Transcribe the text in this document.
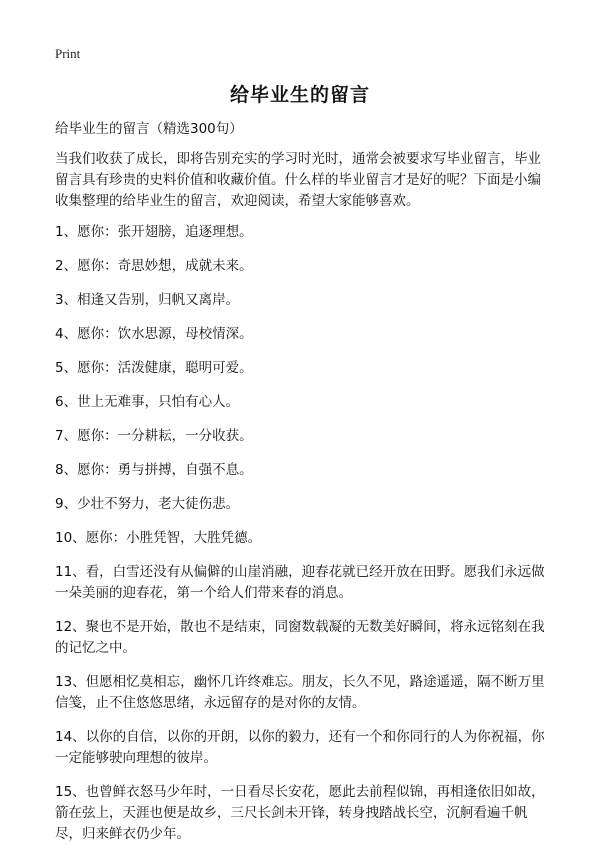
Print
给毕业生的留言

给毕业生的留言（精选300句）

当我们收获了成长，即将告别充实的学习时光时，通常会被要求写毕业留言，毕业留言具有珍贵的史料价值和收藏价值。什么样的毕业留言才是好的呢？下面是小编收集整理的给毕业生的留言，欢迎阅读，希望大家能够喜欢。

1、愿你：张开翅膀，追逐理想。

2、愿你：奇思妙想，成就未来。

3、相逢又告别，归帆又离岸。

4、愿你：饮水思源，母校情深。

5、愿你：活泼健康，聪明可爱。

6、世上无难事，只怕有心人。

7、愿你：一分耕耘，一分收获。

8、愿你：勇与拼搏，自强不息。

9、少壮不努力，老大徒伤悲。

10、愿你：小胜凭智，大胜凭德。

11、看，白雪还没有从偏僻的山崖消融，迎春花就已经开放在田野。愿我们永远做一朵美丽的迎春花，第一个给人们带来春的消息。

12、聚也不是开始，散也不是结束，同窗数载凝的无数美好瞬间，将永远铭刻在我的记忆之中。

13、但愿相忆莫相忘，幽怀几许终难忘。朋友，长久不见，路途遥遥，隔不断万里信笺，止不住悠悠思绪，永远留存的是对你的友情。

14、以你的自信，以你的开朗，以你的毅力，还有一个和你同行的人为你祝福，你一定能够驶向理想的彼岸。

15、也曾鲜衣怒马少年时，一日看尽长安花，愿此去前程似锦，再相逢依旧如故，箭在弦上，天涯也便是故乡，三尺长剑未开锋，转身拽踏战长空，沉舸看遍千帆尽，归来鲜衣仍少年。
